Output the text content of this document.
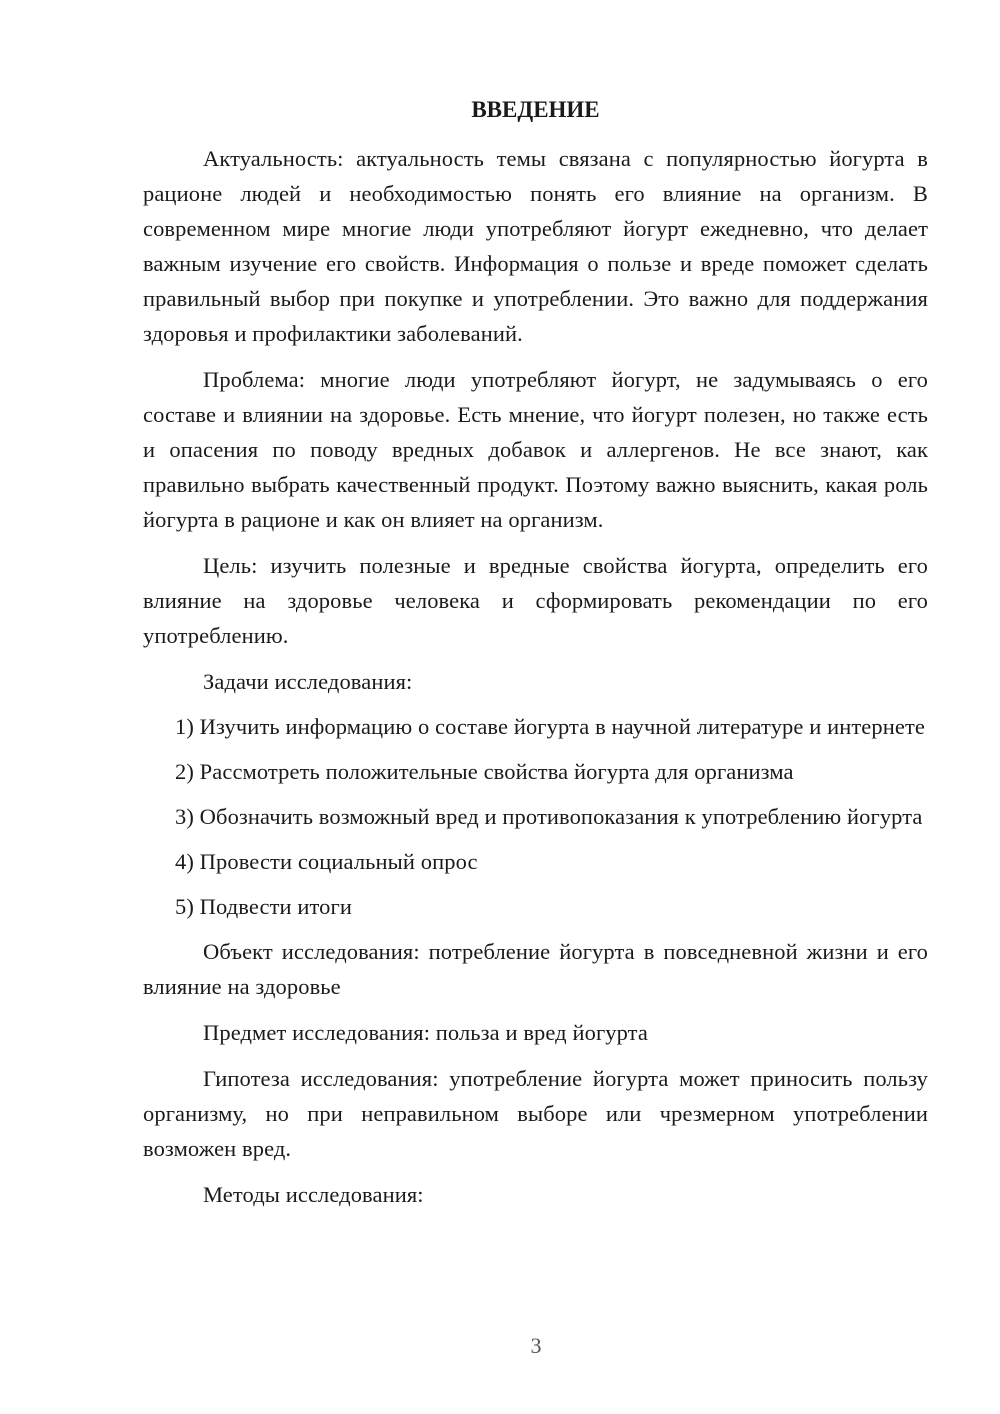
ВВЕДЕНИЕ

Актуальность: актуальность темы связана с популярностью йогурта в рационе людей и необходимостью понять его влияние на организм. В современном мире многие люди употребляют йогурт ежедневно, что делает важным изучение его свойств. Информация о пользе и вреде поможет сделать правильный выбор при покупке и употреблении. Это важно для поддержания здоровья и профилактики заболеваний.

Проблема: многие люди употребляют йогурт, не задумываясь о его составе и влиянии на здоровье. Есть мнение, что йогурт полезен, но также есть и опасения по поводу вредных добавок и аллергенов. Не все знают, как правильно выбрать качественный продукт. Поэтому важно выяснить, какая роль йогурта в рационе и как он влияет на организм.

Цель: изучить полезные и вредные свойства йогурта, определить его влияние на здоровье человека и сформировать рекомендации по его употреблению.

Задачи исследования:

1) Изучить информацию о составе йогурта в научной литературе и интернете

2) Рассмотреть положительные свойства йогурта для организма

3) Обозначить возможный вред и противопоказания к употреблению йогурта

4) Провести социальный опрос

5) Подвести итоги

Объект исследования: потребление йогурта в повседневной жизни и его влияние на здоровье

Предмет исследования: польза и вред йогурта

Гипотеза исследования: употребление йогурта может приносить пользу организму, но при неправильном выборе или чрезмерном употреблении возможен вред.

Методы исследования:

3
